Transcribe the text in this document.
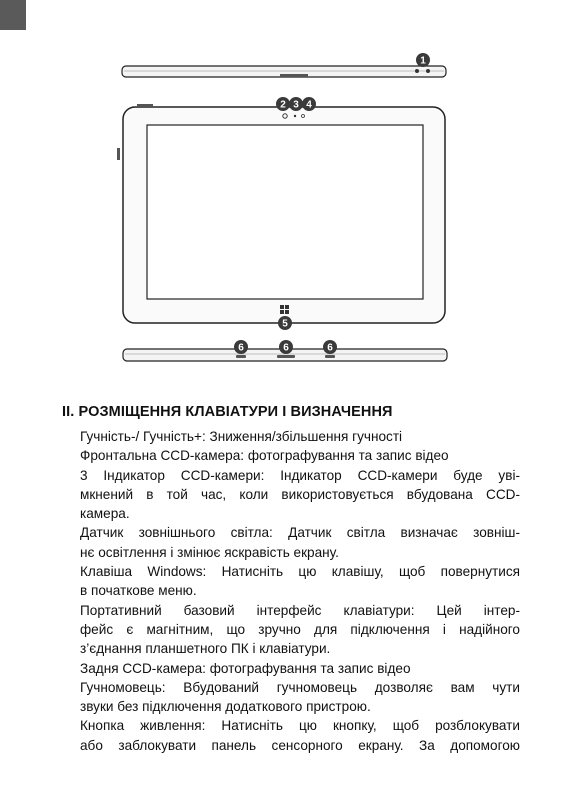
1
2 3 4
5
6	6	6
II. РОЗМІЩЕННЯ КЛАВІАТУРИ І ВИЗНАЧЕННЯ

Гучність-/ Гучність+: Зниження/збільшення гучності

Фронтальна CCD-камера: фотографування та запис відео

3 Індикатор CCD-камери: Індикатор CCD-камери буде уві-
мкнений в той час, коли використовується вбудована CCD-
камера.

Датчик зовнішнього світла: Датчик світла визначає зовніш-
нє освітлення і змінює яскравість екрану.

Клавіша Windows: Натисніть цю клавішу, щоб повернутися
в початкове меню.

Портативний базовий інтерфейс клавіатури: Цей інтер-
фейс є магнітним, що зручно для підключення і надійного
з’єднання планшетного ПК і клавіатури.

Задня CCD-камера: фотографування та запис відео

Гучномовець: Вбудований гучномовець дозволяє вам чути
звуки без підключення додаткового пристрою.

Кнопка живлення: Натисніть цю кнопку, щоб розблокувати
або заблокувати панель сенсорного екрану. За допомогою
